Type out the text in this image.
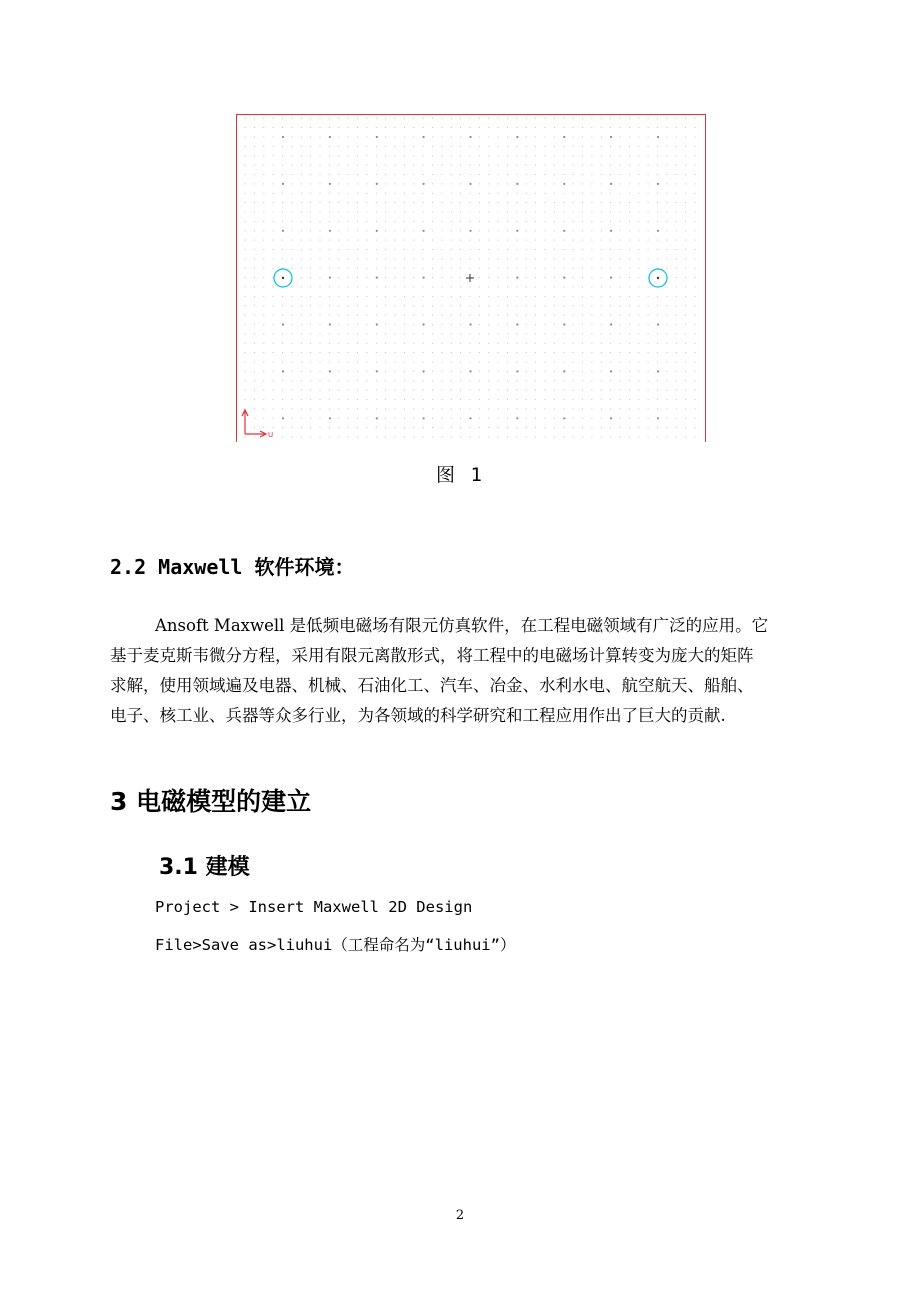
U
图 1
2.2 Maxwell 软件环境：
Ansoft Maxwell 是低频电磁场有限元仿真软件，在工程电磁领域有广泛的应用。它
基于麦克斯韦微分方程，采用有限元离散形式，将工程中的电磁场计算转变为庞大的矩阵
求解，使用领域遍及电器、机械、石油化工、汽车、冶金、水利水电、航空航天、船舶、
电子、核工业、兵器等众多行业，为各领域的科学研究和工程应用作出了巨大的贡献.
3 电磁模型的建立
3.1 建模
Project > Insert Maxwell 2D Design
File>Save as>liuhui（工程命名为“liuhui”）
2
